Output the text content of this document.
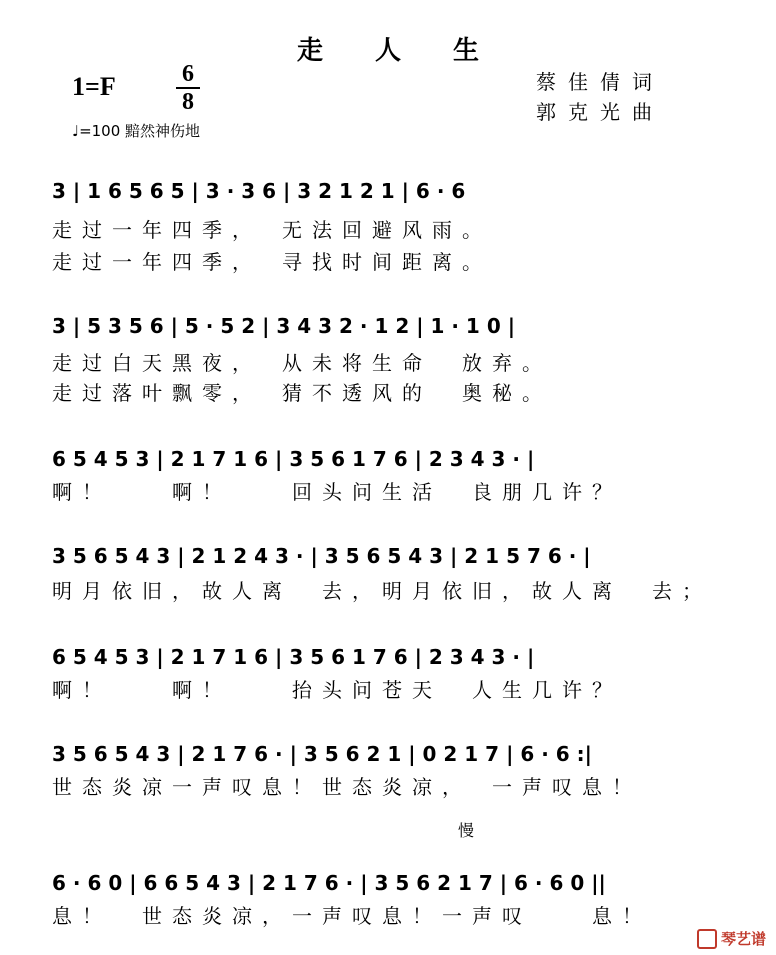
走人生
1=F	6
8
蔡佳倩词
郭克光曲
♩=100 黯然神伤地
3 | 1 6 5 6 5 | 3 · 3 6 | 3 2 1 2 1 | 6 · 6
走过一年四季，　无法回避风雨。
走过一年四季，　寻找时间距离。
3 | 5 3 5 6 | 5 · 5 2 | 3 4 3 2 · 1 2 | 1 · 1 0 |
走过白天黑夜，　从未将生命　放弃。
走过落叶飘零，　猜不透风的　奥秘。
6 5 4 5 3 | 2 1 7 1 6 | 3 5 6 1 7 6 | 2 3 4 3 · |
啊！　　啊！　　回头问生活　良朋几许？
3 5 6 5 4 3 | 2 1 2 4 3 · | 3 5 6 5 4 3 | 2 1 5 7 6 · |
明月依旧，故人离　去，明月依旧，故人离　去；
6 5 4 5 3 | 2 1 7 1 6 | 3 5 6 1 7 6 | 2 3 4 3 · |
啊！　　啊！　　抬头问苍天　人生几许？
3 5 6 5 4 3 | 2 1 7 6 · | 3 5 6 2 1 | 0 2 1 7 | 6 · 6 :|
世态炎凉一声叹息！世态炎凉，　一声叹息！
慢
6 · 6 0 | 6 6 5 4 3 | 2 1 7 6 · | 3 5 6 2 1 7 | 6 · 6 0 ||
息！　世态炎凉，一声叹息！一声叹　　息！
琴艺谱
